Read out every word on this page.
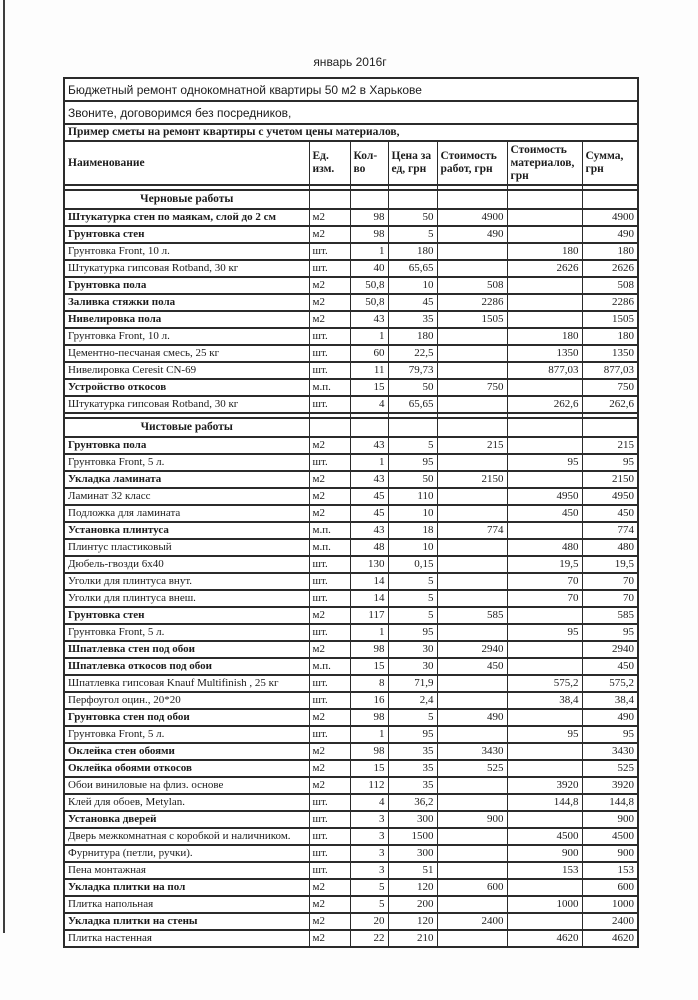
январь 2016г
Бюджетный ремонт однокомнатной квартиры 50 м2 в Харькове						
Звоните, договоримся без посредников,						
Пример сметы на ремонт квартиры с учетом цены материалов,						
Наименование	Ед. изм.	Кол-во	Цена за ед, грн	Стоимость работ, грн	Стоимость материалов, грн	Сумма, грн

Черновые работы						
Штукатурка стен по маякам, слой до 2 см	м2	98	50	4900		4900
Грунтовка стен	м2	98	5	490		490
Грунтовка Front, 10 л.	шт.	1	180		180	180
Штукатурка гипсовая Rotband, 30 кг	шт.	40	65,65		2626	2626
Грунтовка пола	м2	50,8	10	508		508
Заливка стяжки пола	м2	50,8	45	2286		2286
Нивелировка пола	м2	43	35	1505		1505
Грунтовка Front, 10 л.	шт.	1	180		180	180
Цементно-песчаная смесь, 25 кг	шт.	60	22,5		1350	1350
Нивелировка Ceresit CN-69	шт.	11	79,73		877,03	877,03
Устройство откосов	м.п.	15	50	750		750
Штукатурка гипсовая Rotband, 30 кг	шт.	4	65,65		262,6	262,6

Чистовые работы						
Грунтовка пола	м2	43	5	215		215
Грунтовка Front, 5 л.	шт.	1	95		95	95
Укладка ламината	м2	43	50	2150		2150
Ламинат 32 класс	м2	45	110		4950	4950
Подложка для ламината	м2	45	10		450	450
Установка плинтуса	м.п.	43	18	774		774
Плинтус пластиковый	м.п.	48	10		480	480
Дюбель-гвозди 6х40	шт.	130	0,15		19,5	19,5
Уголки для плинтуса внут.	шт.	14	5		70	70
Уголки для плинтуса внеш.	шт.	14	5		70	70
Грунтовка стен	м2	117	5	585		585
Грунтовка Front, 5 л.	шт.	1	95		95	95
Шпатлевка стен под обои	м2	98	30	2940		2940
Шпатлевка откосов под обои	м.п.	15	30	450		450
Шпатлевка гипсовая Knauf Multifinish , 25 кг	шт.	8	71,9		575,2	575,2
Перфоугол оцин., 20*20	шт.	16	2,4		38,4	38,4
Грунтовка стен под обои	м2	98	5	490		490
Грунтовка Front, 5 л.	шт.	1	95		95	95
Оклейка стен обоями	м2	98	35	3430		3430
Оклейка обоями откосов	м2	15	35	525		525
Обои виниловые на флиз. основе	м2	112	35		3920	3920
Клей для обоев, Metylan.	шт.	4	36,2		144,8	144,8
Установка дверей	шт.	3	300	900		900
Дверь межкомнатная с коробкой и наличником.	шт.	3	1500		4500	4500
Фурнитура (петли, ручки).	шт.	3	300		900	900
Пена монтажная	шт.	3	51		153	153
Укладка плитки на пол	м2	5	120	600		600
Плитка напольная	м2	5	200		1000	1000
Укладка плитки на стены	м2	20	120	2400		2400
Плитка настенная	м2	22	210		4620	4620
